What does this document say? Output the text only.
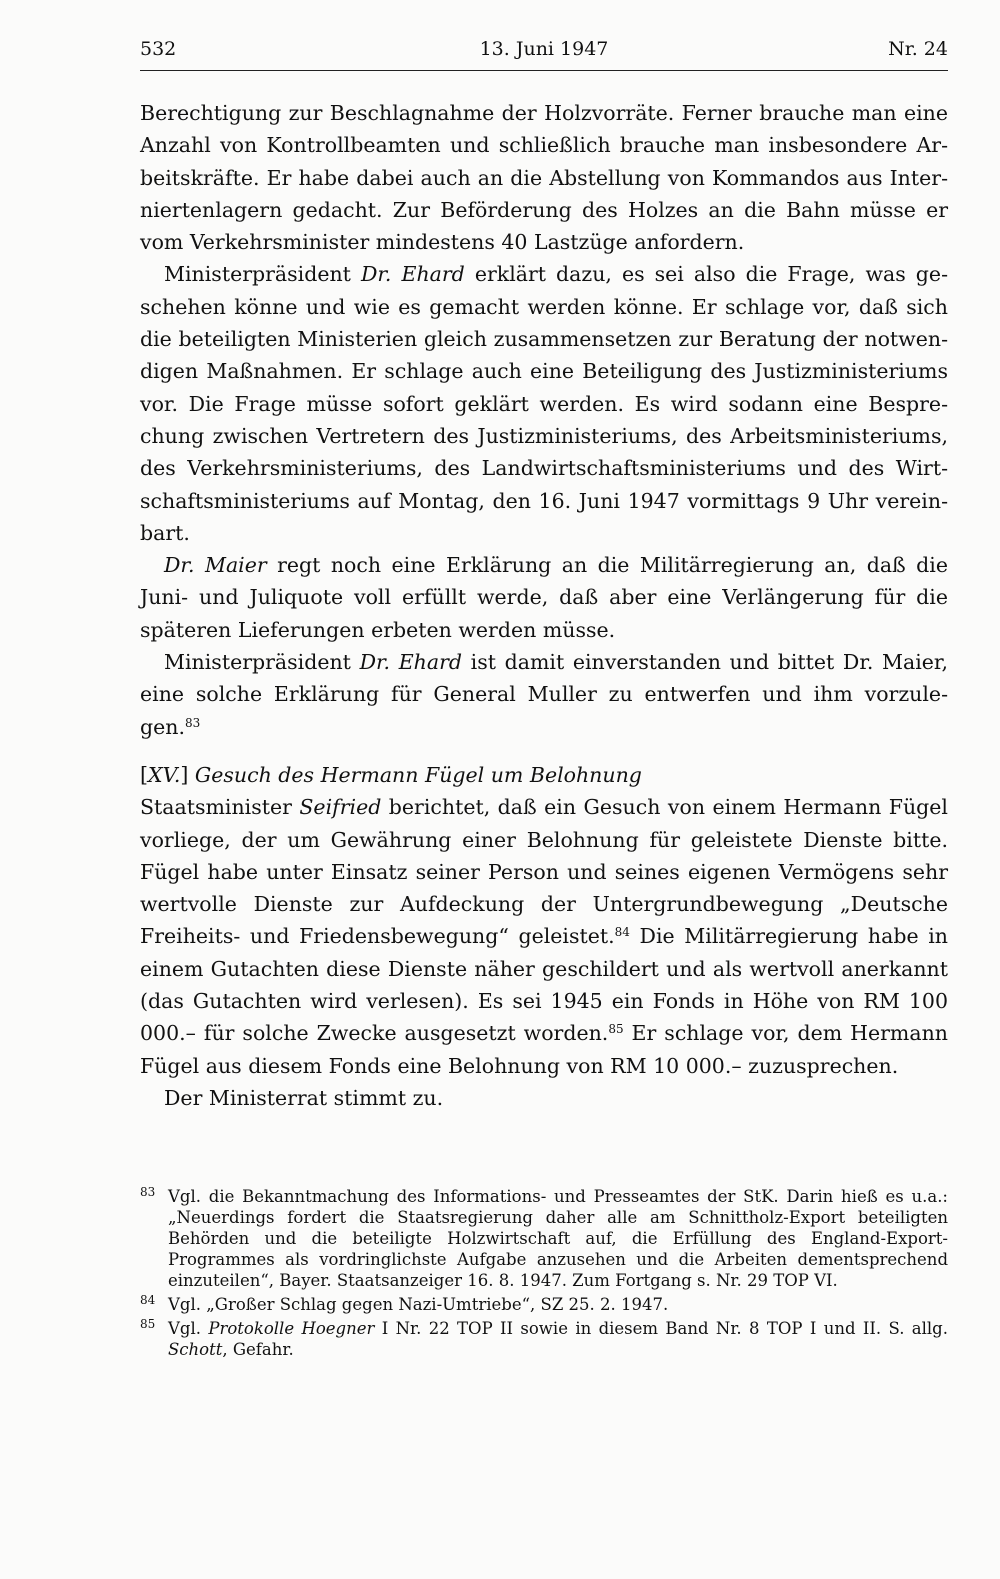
532	13. Juni 1947	Nr. 24

Berechtigung zur Beschlagnahme der Holzvorräte. Ferner brauche man eine Anzahl von Kontrollbeamten und schließlich brauche man insbesondere Arbeitskräfte. Er habe dabei auch an die Abstellung von Kommandos aus Interniertenlagern gedacht. Zur Beförderung des Holzes an die Bahn müsse er vom Verkehrsminister mindestens 40 Lastzüge anfordern.

Ministerpräsident Dr. Ehard erklärt dazu, es sei also die Frage, was geschehen könne und wie es gemacht werden könne. Er schlage vor, daß sich die beteiligten Ministerien gleich zusammensetzen zur Beratung der notwendigen Maßnahmen. Er schlage auch eine Beteiligung des Justizministeriums vor. Die Frage müsse sofort geklärt werden. Es wird sodann eine Besprechung zwischen Vertretern des Justizministeriums, des Arbeitsministeriums, des Verkehrsministeriums, des Landwirtschaftsministeriums und des Wirtschaftsministeriums auf Montag, den 16. Juni 1947 vormittags 9 Uhr vereinbart.

Dr. Maier regt noch eine Erklärung an die Militärregierung an, daß die Juni- und Juliquote voll erfüllt werde, daß aber eine Verlängerung für die späteren Lieferungen erbeten werden müsse.

Ministerpräsident Dr. Ehard ist damit einverstanden und bittet Dr. Maier, eine solche Erklärung für General Muller zu entwerfen und ihm vorzulegen.$^{83}$

[XV.] Gesuch des Hermann Fügel um Belohnung

Staatsminister Seifried berichtet, daß ein Gesuch von einem Hermann Fügel vorliege, der um Gewährung einer Belohnung für geleistete Dienste bitte. Fügel habe unter Einsatz seiner Person und seines eigenen Vermögens sehr wertvolle Dienste zur Aufdeckung der Untergrundbewegung „Deutsche Freiheits- und Friedensbewegung“ geleistet.$^{84}$ Die Militärregierung habe in einem Gutachten diese Dienste näher geschildert und als wertvoll anerkannt (das Gutachten wird verlesen). Es sei 1945 ein Fonds in Höhe von RM 100 000.– für solche Zwecke ausgesetzt worden.$^{85}$ Er schlage vor, dem Hermann Fügel aus diesem Fonds eine Belohnung von RM 10 000.– zuzusprechen.

Der Ministerrat stimmt zu.

83 Vgl. die Bekanntmachung des Informations- und Presseamtes der StK. Darin hieß es u.a.: „Neuerdings fordert die Staatsregierung daher alle am Schnittholz-Export beteiligten Behörden und die beteiligte Holzwirtschaft auf, die Erfüllung des England-Export-Programmes als vordringlichste Aufgabe anzusehen und die Arbeiten dementsprechend einzuteilen“, Bayer. Staatsanzeiger 16. 8. 1947. Zum Fortgang s. Nr. 29 TOP VI.

84 Vgl. „Großer Schlag gegen Nazi-Umtriebe“, SZ 25. 2. 1947.

85 Vgl. Protokolle Hoegner I Nr. 22 TOP II sowie in diesem Band Nr. 8 TOP I und II. S. allg. Schott, Gefahr.
